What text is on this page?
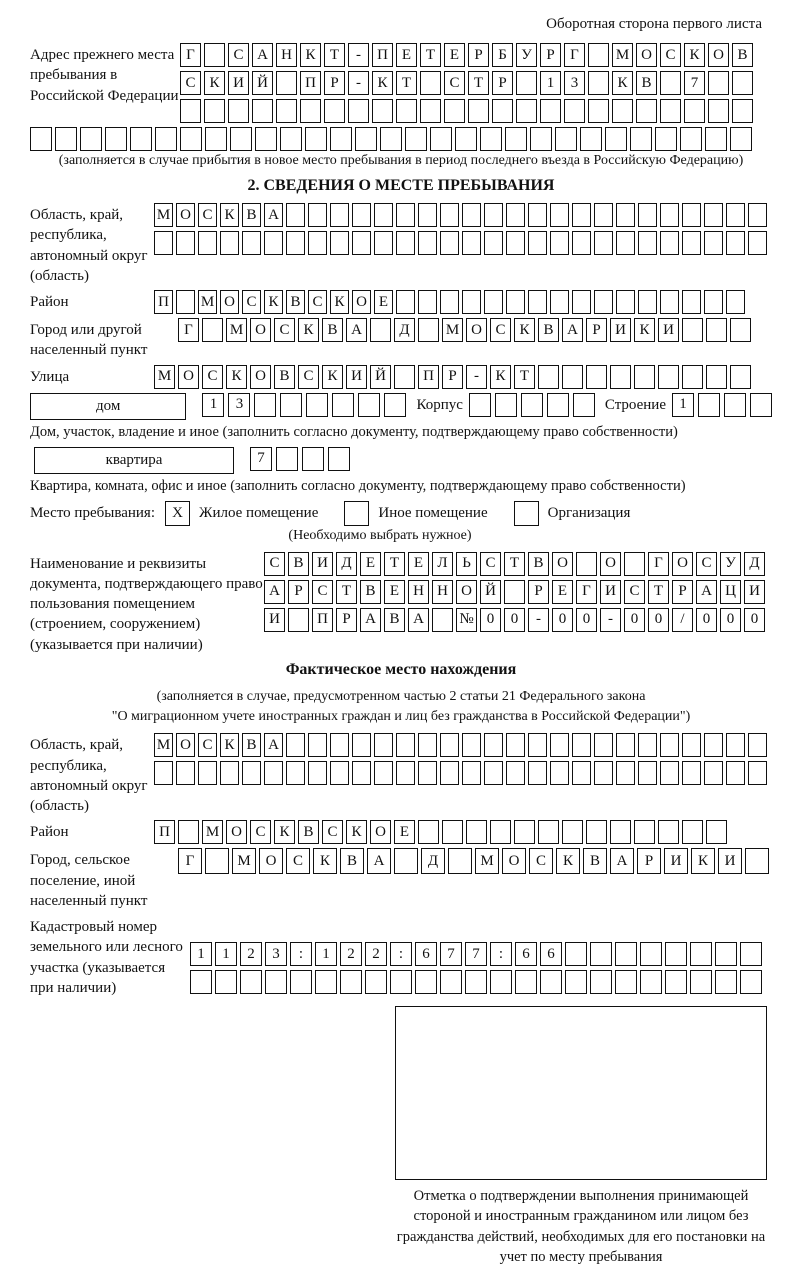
Оборотная сторона первого листа
Адрес прежнего места пребывания в Российской Федерации
Г	С А Н К Т	-	П Е Т Е	Р	Б У Р	Г	М О С К О В
С К И Й	П Р	-	К Т	С Т	Р	1	3	К В	7
(заполняется в случае прибытия в новое место пребывания в период последнего въезда в Российскую Федерацию)
2. СВЕДЕНИЯ О МЕСТЕ ПРЕБЫВАНИЯ
Область, край, республика, автономный округ (область)
М О С К В А
Район	П М О С К В С К О Е
Город или другой населенный пункт
Г	М О С К В А	Д	М О С К В А Р И К И
Улица	М О С К О В С К И Й	П Р	-	К Т
дом	1	3	Корпус	Строение 1
Дом, участок, владение и иное (заполнить согласно документу, подтверждающему право собственности)
квартира	7
Квартира, комната, офис и иное (заполнить согласно документу, подтверждающему право собственности)
Место пребывания:	X	Жилое помещение	Иное помещение	Организация
(Необходимо выбрать нужное)
Наименование и реквизиты документа, подтверждающего право пользования помещением (строением, сооружением) (указывается при наличии)
С В И Д Е Т Е Л Ь С Т В О	О	Г О С У Д
А Р С Т В Е Н Н О Й	Р	Е	Г И С Т	Р А Ц И
И	П Р А В А	№ 0	0	-	0	0	-	0	0	/	0	0	0
Фактическое место нахождения
(заполняется в случае, предусмотренном частью 2 статьи 21 Федерального закона
"О миграционном учете иностранных граждан и лиц без гражданства в Российской Федерации")
Область, край, республика, автономный округ (область)
М О С К В А
Район	П	М О С К В С К О Е
Город, сельское поселение, иной населенный пункт
Г	М О	С	К	В	А	Д	М О	С	К	В	А	Р	И	К	И
Кадастровый номер земельного или лесного участка (указывается при наличии)
1	1	2	3	:	1	2	2	:	6	7	7	:	6	6
Отметка о подтверждении выполнения принимающей стороной и иностранным гражданином или лицом без гражданства действий, необходимых для его постановки на учет по месту пребывания
